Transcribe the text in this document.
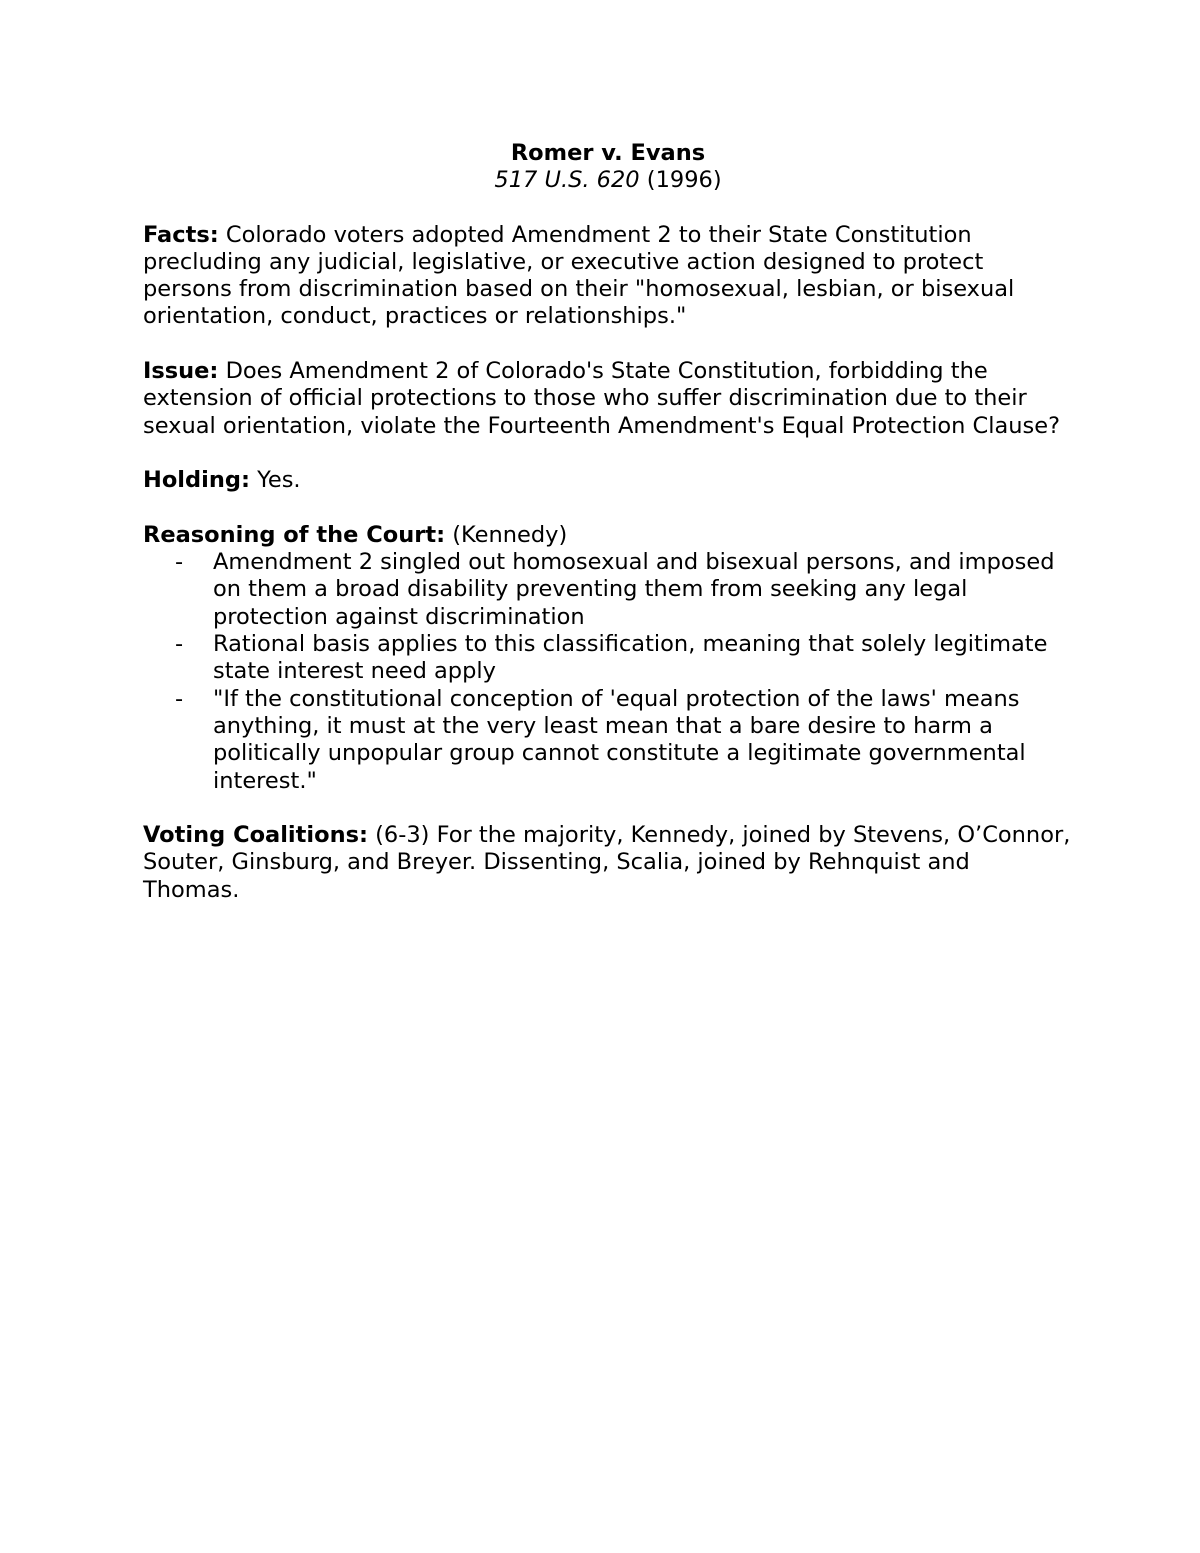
Romer v. Evans
517 U.S. 620 (1996)

Facts: Colorado voters adopted Amendment 2 to their State Constitution precluding any judicial, legislative, or executive action designed to protect persons from discrimination based on their "homosexual, lesbian, or bisexual orientation, conduct, practices or relationships."

Issue: Does Amendment 2 of Colorado's State Constitution, forbidding the extension of official protections to those who suffer discrimination due to their sexual orientation, violate the Fourteenth Amendment's Equal Protection Clause?

Holding: Yes.

Reasoning of the Court: (Kennedy)
- Amendment 2 singled out homosexual and bisexual persons, and imposed on them a broad disability preventing them from seeking any legal protection against discrimination
- Rational basis applies to this classification, meaning that solely legitimate state interest need apply
- "If the constitutional conception of 'equal protection of the laws' means anything, it must at the very least mean that a bare desire to harm a politically unpopular group cannot constitute a legitimate governmental interest."

Voting Coalitions: (6-3) For the majority, Kennedy, joined by Stevens, O’Connor, Souter, Ginsburg, and Breyer. Dissenting, Scalia, joined by Rehnquist and Thomas.
